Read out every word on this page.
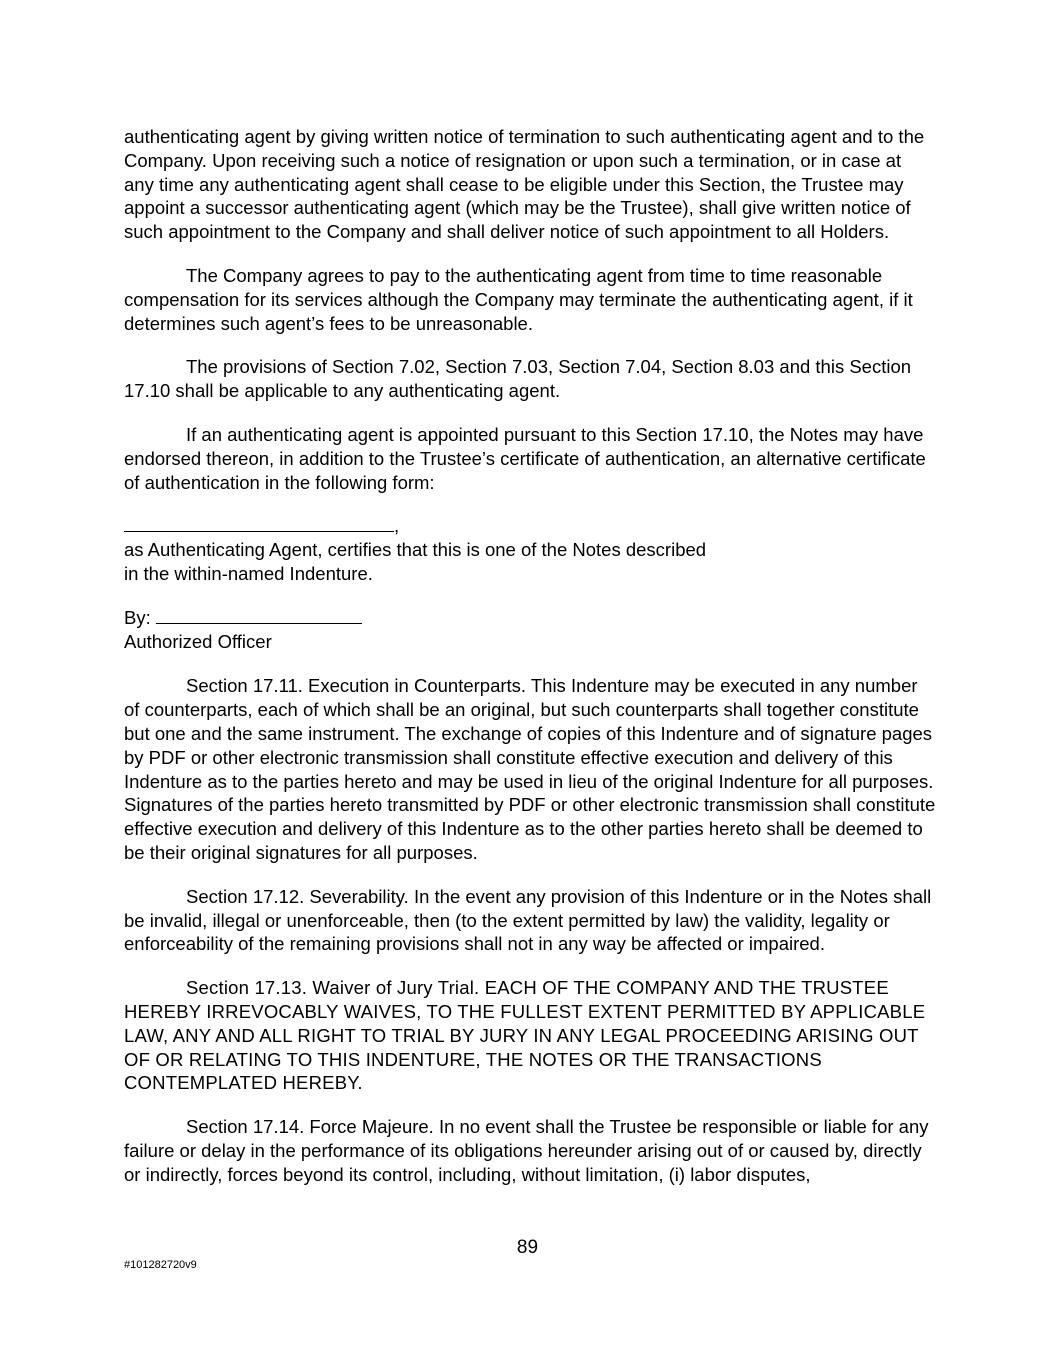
authenticating agent by giving written notice of termination to such authenticating agent and to the Company. Upon receiving such a notice of resignation or upon such a termination, or in case at any time any authenticating agent shall cease to be eligible under this Section, the Trustee may appoint a successor authenticating agent (which may be the Trustee), shall give written notice of such appointment to the Company and shall deliver notice of such appointment to all Holders.

The Company agrees to pay to the authenticating agent from time to time reasonable compensation for its services although the Company may terminate the authenticating agent, if it determines such agent’s fees to be unreasonable.

The provisions of Section 7.02, Section 7.03, Section 7.04, Section 8.03 and this Section 17.10 shall be applicable to any authenticating agent.

If an authenticating agent is appointed pursuant to this Section 17.10, the Notes may have endorsed thereon, in addition to the Trustee’s certificate of authentication, an alternative certificate of authentication in the following form:

,
as Authenticating Agent, certifies that this is one of the Notes described
in the within-named Indenture.
By:
Authorized Officer

Section 17.11. Execution in Counterparts. This Indenture may be executed in any number of counterparts, each of which shall be an original, but such counterparts shall together constitute but one and the same instrument. The exchange of copies of this Indenture and of signature pages by PDF or other electronic transmission shall constitute effective execution and delivery of this Indenture as to the parties hereto and may be used in lieu of the original Indenture for all purposes. Signatures of the parties hereto transmitted by PDF or other electronic transmission shall constitute effective execution and delivery of this Indenture as to the other parties hereto shall be deemed to be their original signatures for all purposes.

Section 17.12. Severability. In the event any provision of this Indenture or in the Notes shall be invalid, illegal or unenforceable, then (to the extent permitted by law) the validity, legality or enforceability of the remaining provisions shall not in any way be affected or impaired.

Section 17.13. Waiver of Jury Trial. EACH OF THE COMPANY AND THE TRUSTEE HEREBY IRREVOCABLY WAIVES, TO THE FULLEST EXTENT PERMITTED BY APPLICABLE LAW, ANY AND ALL RIGHT TO TRIAL BY JURY IN ANY LEGAL PROCEEDING ARISING OUT OF OR RELATING TO THIS INDENTURE, THE NOTES OR THE TRANSACTIONS CONTEMPLATED HEREBY.

Section 17.14. Force Majeure. In no event shall the Trustee be responsible or liable for any failure or delay in the performance of its obligations hereunder arising out of or caused by, directly or indirectly, forces beyond its control, including, without limitation, (i) labor disputes,

89
#101282720v9
